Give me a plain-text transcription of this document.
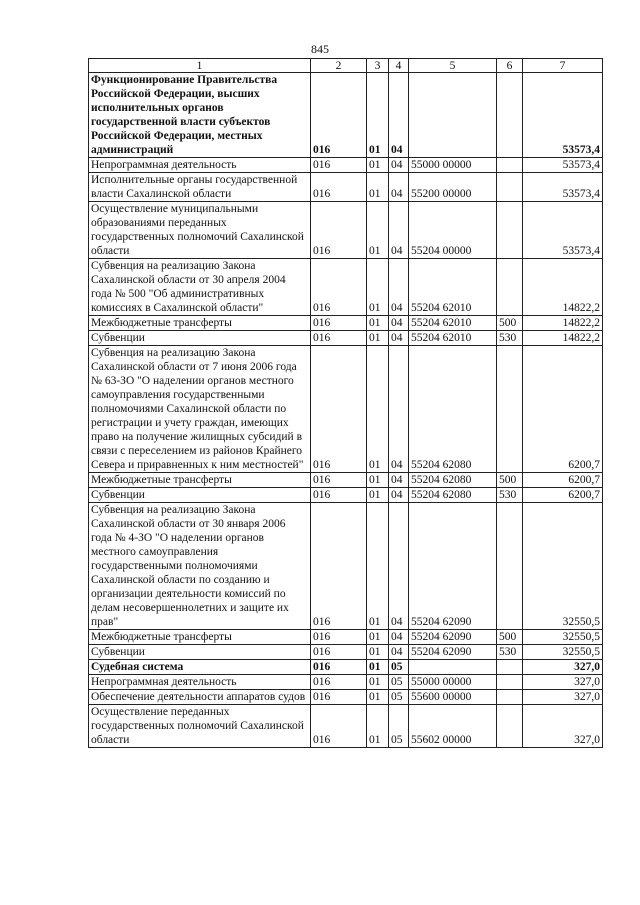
845
1	2	3	4	5	6	7
Функционирование Правительства Российской Федерации, высших исполнительных органов государственной власти субъектов Российской Федерации, местных администраций	016	01	04			53573,4
Непрограммная деятельность	016	01	04	55000 00000		53573,4
Исполнительные органы государственной власти Сахалинской области	016	01	04	55200 00000		53573,4
Осуществление муниципальными образованиями переданных государственных полномочий Сахалинской области	016	01	04	55204 00000		53573,4
Субвенция на реализацию Закона Сахалинской области от 30 апреля 2004 года № 500 "Об административных комиссиях в Сахалинской области"	016	01	04	55204 62010		14822,2
Межбюджетные трансферты	016	01	04	55204 62010	500	14822,2
Субвенции	016	01	04	55204 62010	530	14822,2
Субвенция на реализацию Закона Сахалинской области от 7 июня 2006 года № 63-ЗО "О наделении органов местного самоуправления государственными полномочиями Сахалинской области по регистрации и учету граждан, имеющих право на получение жилищных субсидий в связи с переселением из районов Крайнего Севера и приравненных к ним местностей"	016	01	04	55204 62080		6200,7
Межбюджетные трансферты	016	01	04	55204 62080	500	6200,7
Субвенции	016	01	04	55204 62080	530	6200,7
Субвенция на реализацию Закона Сахалинской области от 30 января 2006 года № 4-ЗО "О наделении органов местного самоуправления государственными полномочиями Сахалинской области по созданию и организации деятельности комиссий по делам несовершеннолетних и защите их прав"	016	01	04	55204 62090		32550,5
Межбюджетные трансферты	016	01	04	55204 62090	500	32550,5
Субвенции	016	01	04	55204 62090	530	32550,5
Судебная система	016	01	05			327,0
Непрограммная деятельность	016	01	05	55000 00000		327,0
Обеспечение деятельности аппаратов судов	016	01	05	55600 00000		327,0
Осуществление переданных государственных полномочий Сахалинской области	016	01	05	55602 00000		327,0
